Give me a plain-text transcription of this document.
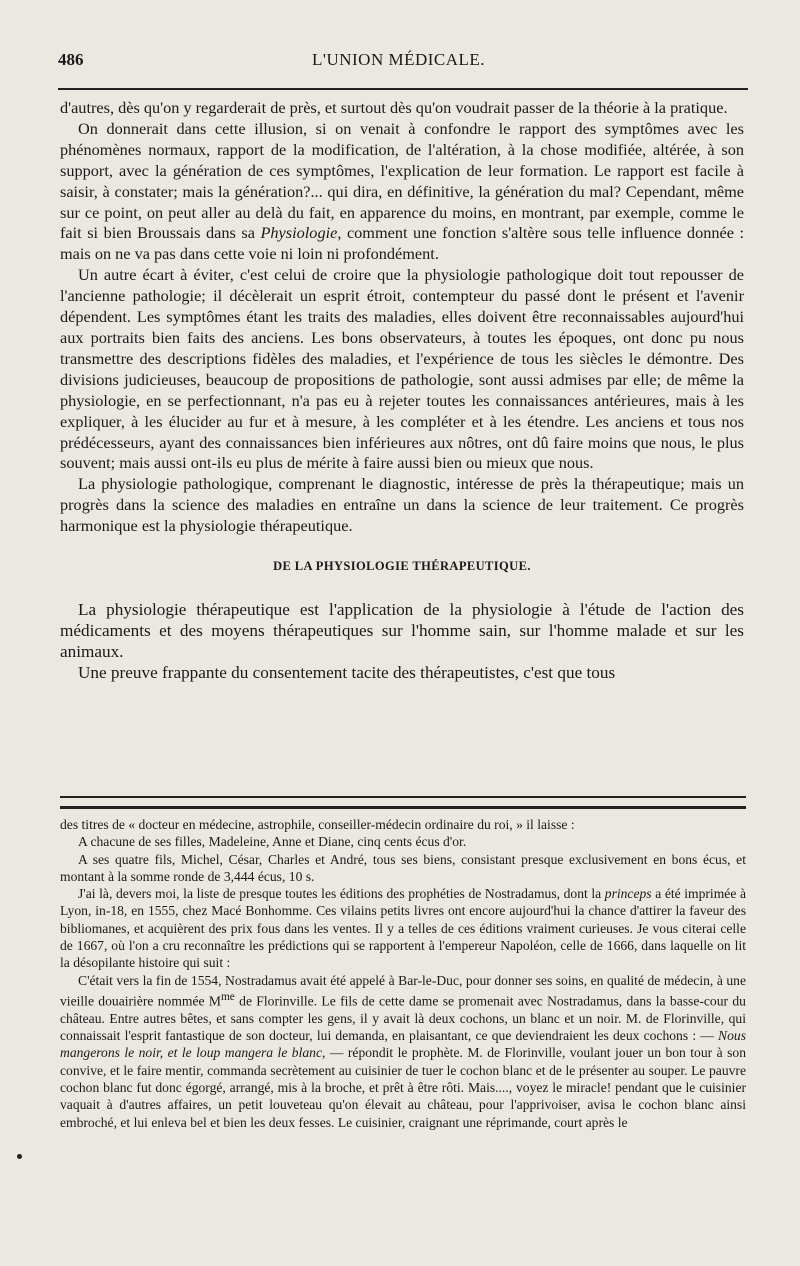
486	L'UNION MÉDICALE.

d'autres, dès qu'on y regarderait de près, et surtout dès qu'on voudrait passer de la théorie à la pratique.

On donnerait dans cette illusion, si on venait à confondre le rapport des symptômes avec les phénomènes normaux, rapport de la modification, de l'altération, à la chose modifiée, altérée, à son support, avec la génération de ces symptômes, l'explication de leur formation. Le rapport est facile à saisir, à constater; mais la génération?... qui dira, en définitive, la génération du mal? Cependant, même sur ce point, on peut aller au delà du fait, en apparence du moins, en montrant, par exemple, comme le fait si bien Broussais dans sa Physiologie, comment une fonction s'altère sous telle influence donnée : mais on ne va pas dans cette voie ni loin ni profondément.

Un autre écart à éviter, c'est celui de croire que la physiologie pathologique doit tout repousser de l'ancienne pathologie; il décèlerait un esprit étroit, contempteur du passé dont le présent et l'avenir dépendent. Les symptômes étant les traits des maladies, elles doivent être reconnaissables aujourd'hui aux portraits bien faits des anciens. Les bons observateurs, à toutes les époques, ont donc pu nous transmettre des descriptions fidèles des maladies, et l'expérience de tous les siècles le démontre. Des divisions judicieuses, beaucoup de propositions de pathologie, sont aussi admises par elle; de même la physiologie, en se perfectionnant, n'a pas eu à rejeter toutes les connaissances antérieures, mais à les expliquer, à les élucider au fur et à mesure, à les compléter et à les étendre. Les anciens et tous nos prédécesseurs, ayant des connaissances bien inférieures aux nôtres, ont dû faire moins que nous, le plus souvent; mais aussi ont-ils eu plus de mérite à faire aussi bien ou mieux que nous.

La physiologie pathologique, comprenant le diagnostic, intéresse de près la thérapeutique; mais un progrès dans la science des maladies en entraîne un dans la science de leur traitement. Ce progrès harmonique est la physiologie thérapeutique.

DE LA PHYSIOLOGIE THÉRAPEUTIQUE.

La physiologie thérapeutique est l'application de la physiologie à l'étude de l'action des médicaments et des moyens thérapeutiques sur l'homme sain, sur l'homme malade et sur les animaux.

Une preuve frappante du consentement tacite des thérapeutistes, c'est que tous

des titres de « docteur en médecine, astrophile, conseiller-médecin ordinaire du roi, » il laisse :

A chacune de ses filles, Madeleine, Anne et Diane, cinq cents écus d'or.

A ses quatre fils, Michel, César, Charles et André, tous ses biens, consistant presque exclusivement en bons écus, et montant à la somme ronde de 3,444 écus, 10 s.

J'ai là, devers moi, la liste de presque toutes les éditions des prophéties de Nostradamus, dont la princeps a été imprimée à Lyon, in-18, en 1555, chez Macé Bonhomme. Ces vilains petits livres ont encore aujourd'hui la chance d'attirer la faveur des bibliomanes, et acquièrent des prix fous dans les ventes. Il y a telles de ces éditions vraiment curieuses. Je vous citerai celle de 1667, où l'on a cru reconnaître les prédictions qui se rapportent à l'empereur Napoléon, celle de 1666, dans laquelle on lit la désopilante histoire qui suit :

C'était vers la fin de 1554, Nostradamus avait été appelé à Bar-le-Duc, pour donner ses soins, en qualité de médecin, à une vieille douairière nommée $M^{me}$ de Florinville. Le fils de cette dame se promenait avec Nostradamus, dans la basse-cour du château. Entre autres bêtes, et sans compter les gens, il y avait là deux cochons, un blanc et un noir. M. de Florinville, qui connaissait l'esprit fantastique de son docteur, lui demanda, en plaisantant, ce que deviendraient les deux cochons : — Nous mangerons le noir, et le loup mangera le blanc, — répondit le prophète. M. de Florinville, voulant jouer un bon tour à son convive, et le faire mentir, commanda secrètement au cuisinier de tuer le cochon blanc et de le présenter au souper. Le pauvre cochon blanc fut donc égorgé, arrangé, mis à la broche, et prêt à être rôti. Mais...., voyez le miracle! pendant que le cuisinier vaquait à d'autres affaires, un petit louveteau qu'on élevait au château, pour l'apprivoiser, avisa le cochon blanc ainsi embroché, et lui enleva bel et bien les deux fesses. Le cuisinier, craignant une réprimande, court après le
